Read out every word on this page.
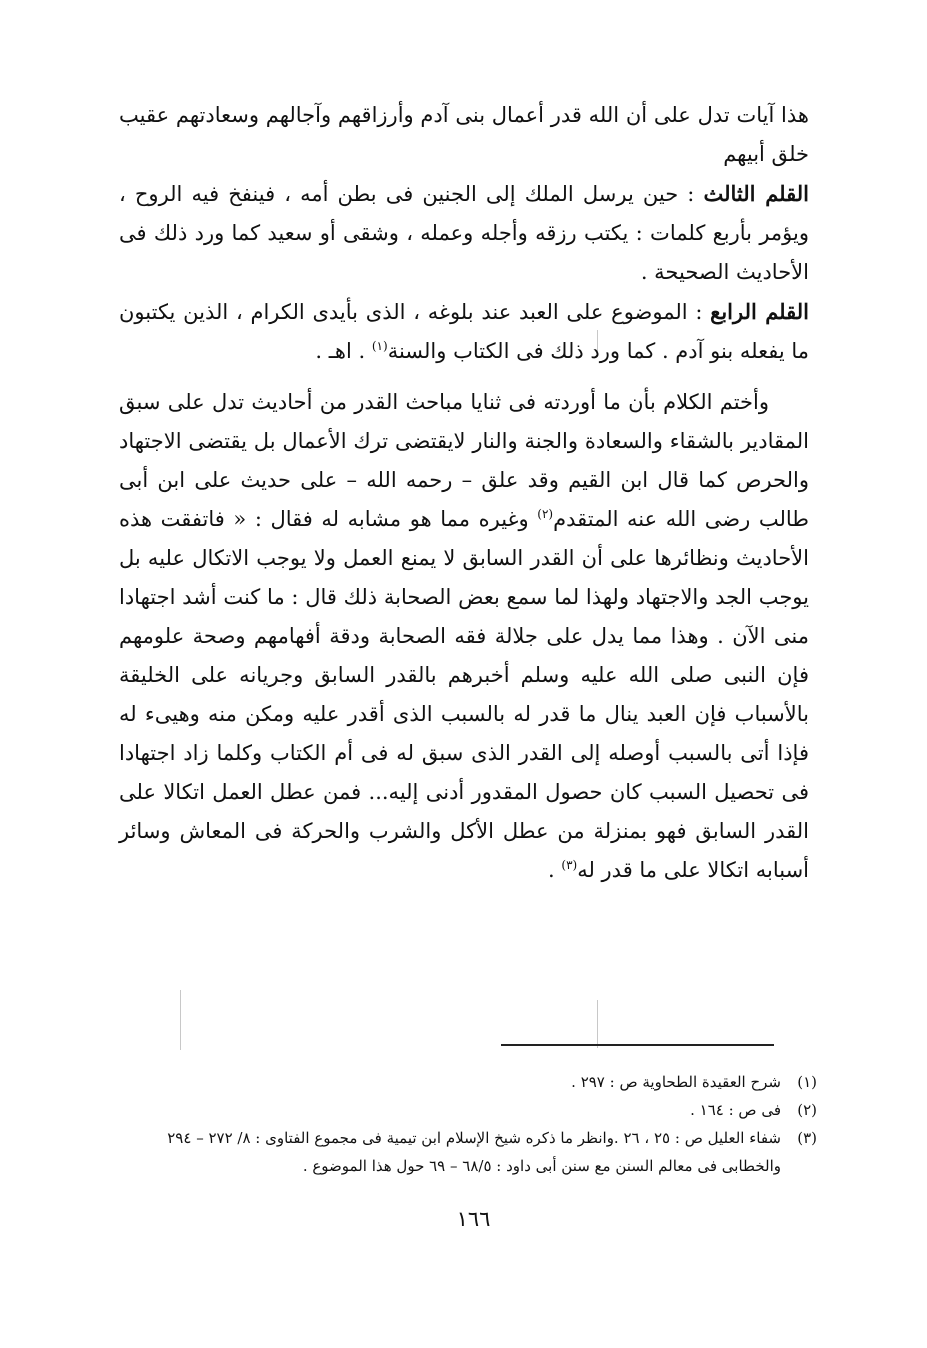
هذا آيات تدل على أن الله قدر أعمال بنى آدم وأرزاقهم وآجالهم وسعادتهم عقيب خلق أبيهم

القلم الثالث : حين يرسل الملك إلى الجنين فى بطن أمه ، فينفخ فيه الروح ، ويؤمر بأربع كلمات : يكتب رزقه وأجله وعمله ، وشقى أو سعيد كما ورد ذلك فى الأحاديث الصحيحة .

القلم الرابع : الموضوع على العبد عند بلوغه ، الذى بأيدى الكرام ، الذين يكتبون ما يفعله بنو آدم . كما ورد ذلك فى الكتاب والسنة$^{(١)}$ . اهـ .

وأختم الكلام بأن ما أوردته فى ثنايا مباحث القدر من أحاديث تدل على سبق المقادير بالشقاء والسعادة والجنة والنار لايقتضى ترك الأعمال بل يقتضى الاجتهاد والحرص كما قال ابن القيم وقد علق – رحمه الله – على حديث على ابن أبى طالب رضى الله عنه المتقدم$^{(٢)}$ وغيره مما هو مشابه له فقال : « فاتفقت هذه الأحاديث ونظائرها على أن القدر السابق لا يمنع العمل ولا يوجب الاتكال عليه بل يوجب الجد والاجتهاد ولهذا لما سمع بعض الصحابة ذلك قال : ما كنت أشد اجتهادا منى الآن . وهذا مما يدل على جلالة فقه الصحابة ودقة أفهامهم وصحة علومهم فإن النبى صلى الله عليه وسلم أخبرهم بالقدر السابق وجريانه على الخليقة بالأسباب فإن العبد ينال ما قدر له بالسبب الذى أقدر عليه ومكن منه وهيىء له فإذا أتى بالسبب أوصله إلى القدر الذى سبق له فى أم الكتاب وكلما زاد اجتهادا فى تحصيل السبب كان حصول المقدور أدنى إليه... فمن عطل العمل اتكالا على القدر السابق فهو بمنزلة من عطل الأكل والشرب والحركة فى المعاش وسائر أسبابه اتكالا على ما قدر له$^{(٣)}$ .

(١)
شرح العقيدة الطحاوية ص : ٢٩٧ .
(٢)
فى ص : ١٦٤ .
(٣)
شفاء العليل ص : ٢٥ ، ٢٦ .وانظر ما ذكره شيخ الإسلام ابن تيمية فى مجموع الفتاوى : ٨/ ٢٧٢ – ٢٩٤ والخطابى فى معالم السنن مع سنن أبى داود : ٦٨/٥ – ٦٩ حول هذا الموضوع .
١٦٦
